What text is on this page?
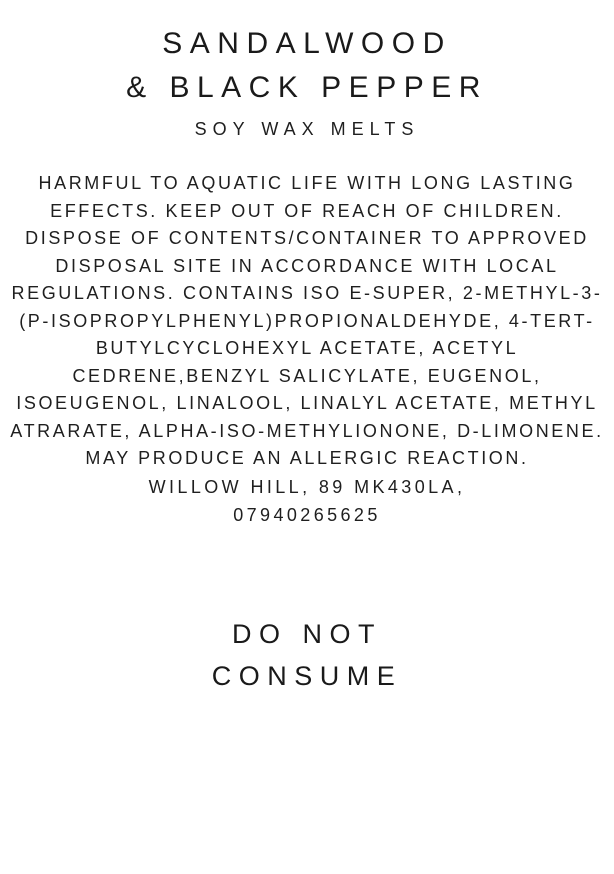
SANDALWOOD
& BLACK PEPPER
SOY WAX MELTS

HARMFUL TO AQUATIC LIFE WITH LONG LASTING EFFECTS. KEEP OUT OF REACH OF CHILDREN. DISPOSE OF CONTENTS/CONTAINER TO APPROVED DISPOSAL SITE IN ACCORDANCE WITH LOCAL REGULATIONS. CONTAINS ISO E-SUPER, 2-METHYL-3-(P-ISOPROPYLPHENYL)PROPIONALDEHYDE, 4-TERT-BUTYLCYCLOHEXYL ACETATE, ACETYL CEDRENE,BENZYL SALICYLATE, EUGENOL, ISOEUGENOL, LINALOOL, LINALYL ACETATE, METHYL ATRARATE, ALPHA-ISO-METHYLIONONE, D-LIMONENE. MAY PRODUCE AN ALLERGIC REACTION.

WILLOW HILL, 89 MK430LA,

07940265625

DO NOT
CONSUME
